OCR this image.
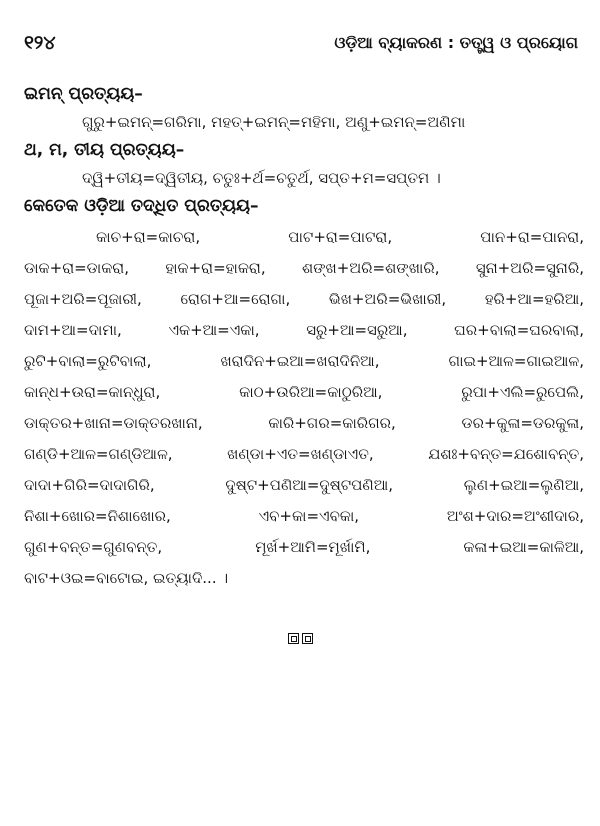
୧୨୪	ଓଡ଼ିଆ ବ୍ୟାକରଣ : ତତ୍ତ୍ୱ ଓ ପ୍ରୟୋଗ
ଇମନ୍ ପ୍ରତ୍ୟୟ–
ଗୁରୁ+ଇମନ୍=ଗରିମା, ମହତ୍+ଇମନ୍=ମହିମା, ଅଣୁ+ଇମନ୍=ଅଣିମା
ଥ, ମ, ତୀୟ ପ୍ରତ୍ୟୟ–
ଦ୍ୱି+ତୀୟ=ଦ୍ୱିତୀୟ, ଚତୁଃ+ର୍ଥ=ଚତୁର୍ଥ, ସପ୍ତ+ମ=ସପ୍ତମ ।
କେତେକ ଓଡ଼ିଆ ତଦ୍ଧିତ ପ୍ରତ୍ୟୟ–
କାଚ+ରା=କାଚରା, ପାଟ+ରା=ପାଟରା, ପାନ+ରା=ପାନରା,
ଡାକ+ରା=ଡାକରା, ହାକ+ରା=ହାକରା, ଶଙ୍ଖ+ଅରି=ଶଙ୍ଖାରି, ସୁନା+ଅରି=ସୁନାରି,
ପୂଜା+ଅରି=ପୂଜାରୀ, ରୋଗ+ଆ=ରୋଗା, ଭିଖ+ଅରି=ଭିଖାରୀ, ହରି+ଆ=ହରିଆ,
ଦାମ+ଆ=ଦାମା, ଏକ+ଆ=ଏକା, ସରୁ+ଆ=ସରୁଆ, ଘର+ବାଲା=ଘରବାଲା,
ରୁଟି+ବାଲା=ରୁଟିବାଲା, ଖରାଦିନ+ଇଆ=ଖରାଦିନିଆ, ଗାଇ+ଆଳ=ଗାଇଆଳ,
କାନ୍ଧ+ଉରା=କାନ୍ଧୁରା, କାଠ+ଉରିଆ=କାଠୁରିଆ, ରୁପା+ଏଲି=ରୁପେଲି,
ଡାକ୍ତର+ଖାନା=ଡାକ୍ତରଖାନା, କାରି+ଗର=କାରିଗର, ଡର+କୁଳା=ଡରକୁଳା,
ଗଣ୍ଡି+ଆଳ=ଗଣ୍ଡିଆଳ, ଖଣ୍ଡା+ଏତ=ଖଣ୍ଡାଏତ, ଯଶଃ+ବନ୍ତ=ଯଶୋବନ୍ତ,
ଦାଦା+ଗିରି=ଦାଦାଗିରି, ଦୁଷ୍ଟ+ପଣିଆ=ଦୁଷ୍ଟପଣିଆ, ଲୁଣ+ଇଆ=ଲୁଣିଆ,
ନିଶା+ଖୋର=ନିଶାଖୋର, ଏବ+କା=ଏବକା, ଅଂଶ+ଦାର=ଅଂଶୀଦାର,
ଗୁଣ+ବନ୍ତ=ଗୁଣବନ୍ତ, ମୂର୍ଖ+ଆମି=ମୂର୍ଖାମି, କଳା+ଇଆ=କାଳିଆ,
ବାଟ+ଓଇ=ବାଟୋଇ, ଇତ୍ୟାଦି... ।
